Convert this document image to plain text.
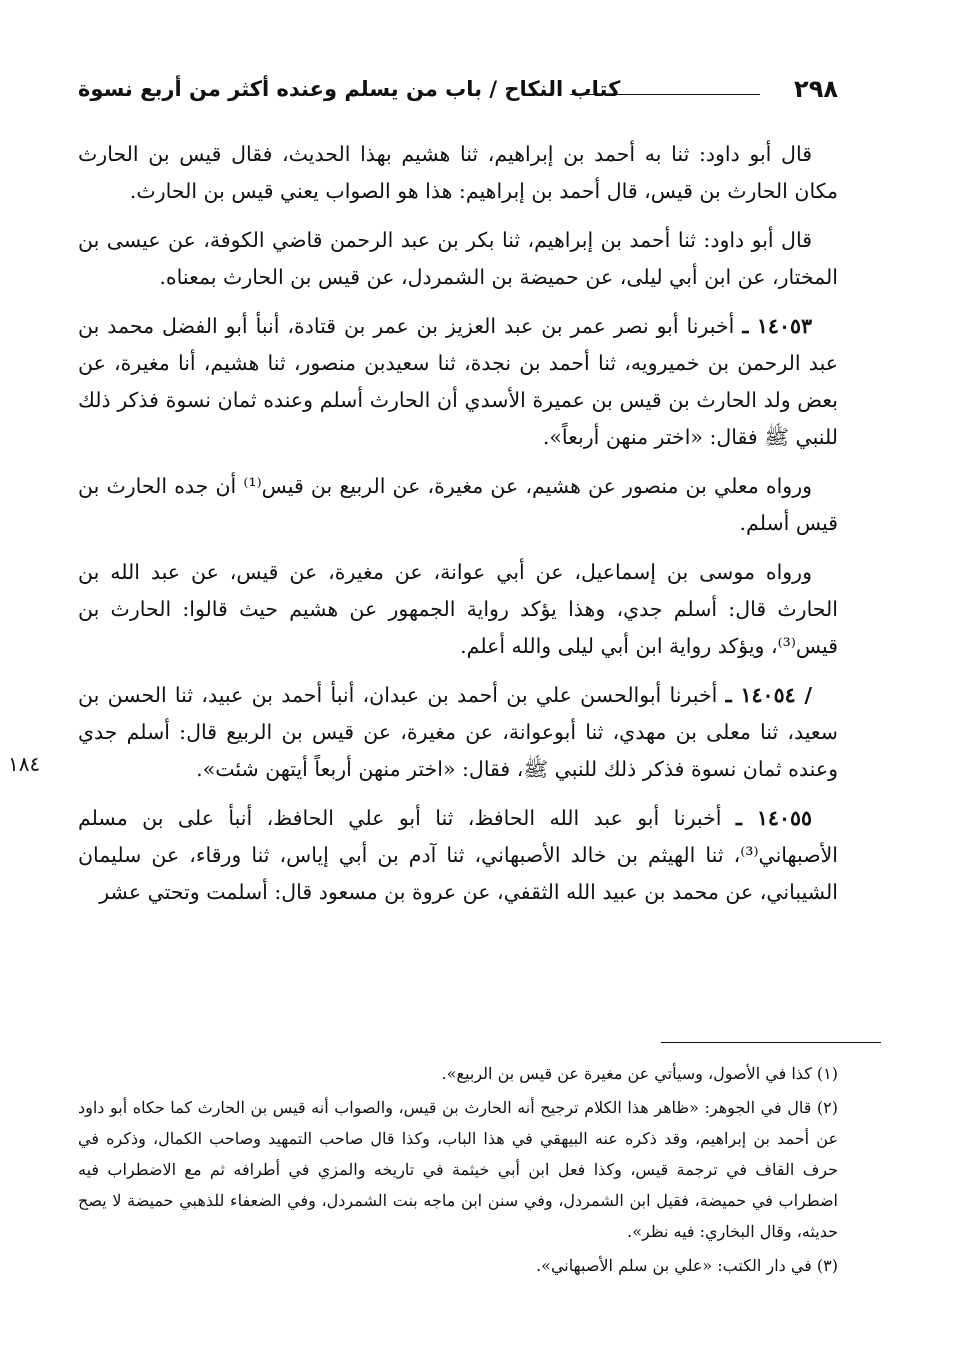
٢٩٨
كتاب النكاح / باب من يسلم وعنده أكثر من أربع نسوة

قال أبو داود: ثنا به أحمد بن إبراهيم، ثنا هشيم بهذا الحديث، فقال قيس بن الحارث مكان الحارث بن قيس، قال أحمد بن إبراهيم: هذا هو الصواب يعني قيس بن الحارث.

قال أبو داود: ثنا أحمد بن إبراهيم، ثنا بكر بن عبد الرحمن قاضي الكوفة، عن عيسى بن المختار، عن ابن أبي ليلى، عن حميضة بن الشمردل، عن قيس بن الحارث بمعناه.

١٤٠٥٣ ـ أخبرنا أبو نصر عمر بن عبد العزيز بن عمر بن قتادة، أنبأ أبو الفضل محمد بن عبد الرحمن بن خميرويه، ثنا أحمد بن نجدة، ثنا سعيدبن منصور، ثنا هشيم، أنا مغيرة، عن بعض ولد الحارث بن قيس بن عميرة الأسدي أن الحارث أسلم وعنده ثمان نسوة فذكر ذلك للنبي ﷺ فقال: «اختر منهن أربعاً».

ورواه معلي بن منصور عن هشيم، عن مغيرة، عن الربيع بن قيس⁽¹⁾ أن جده الحارث بن قيس أسلم.

ورواه موسى بن إسماعيل، عن أبي عوانة، عن مغيرة، عن قيس، عن عبد الله بن الحارث قال: أسلم جدي، وهذا يؤكد رواية الجمهور عن هشيم حيث قالوا: الحارث بن قيس⁽³⁾، ويؤكد رواية ابن أبي ليلى والله أعلم.

/ ١٤٠٥٤ ـ أخبرنا أبوالحسن علي بن أحمد بن عبدان، أنبأ أحمد بن عبيد، ثنا الحسن بن سعيد، ثنا معلى بن مهدي، ثنا أبوعوانة، عن مغيرة، عن قيس بن الربيع قال: أسلم جدي وعنده ثمان نسوة فذكر ذلك للنبي ﷺ، فقال: «اختر منهن أربعاً أيتهن شئت».

١٤٠٥٥ ـ أخبرنا أبو عبد الله الحافظ، ثنا أبو علي الحافظ، أنبأ على بن مسلم الأصبهاني⁽³⁾، ثنا الهيثم بن خالد الأصبهاني، ثنا آدم بن أبي إياس، ثنا ورقاء، عن سليمان الشيباني، عن محمد بن عبيد الله الثقفي، عن عروة بن مسعود قال: أسلمت وتحتي عشر

١٨٤

(١) كذا في الأصول، وسيأتي عن مغيرة عن قيس بن الربيع».

(٢) قال في الجوهر: «ظاهر هذا الكلام ترجيح أنه الحارث بن قيس، والصواب أنه قيس بن الحارث كما حكاه أبو داود عن أحمد بن إبراهيم، وقد ذكره عنه البيهقي في هذا الباب، وكذا قال صاحب التمهيد وصاحب الكمال، وذكره في حرف القاف في ترجمة قيس، وكذا فعل ابن أبي خيثمة في تاريخه والمزي في أطرافه ثم مع الاضطراب فيه اضطراب في حميضة، فقيل ابن الشمردل، وفي سنن ابن ماجه بنت الشمردل، وفي الضعفاء للذهبي حميضة لا يصح حديثه، وقال البخاري: فيه نظر».

(٣) في دار الكتب: «علي بن سلم الأصبهاني».
